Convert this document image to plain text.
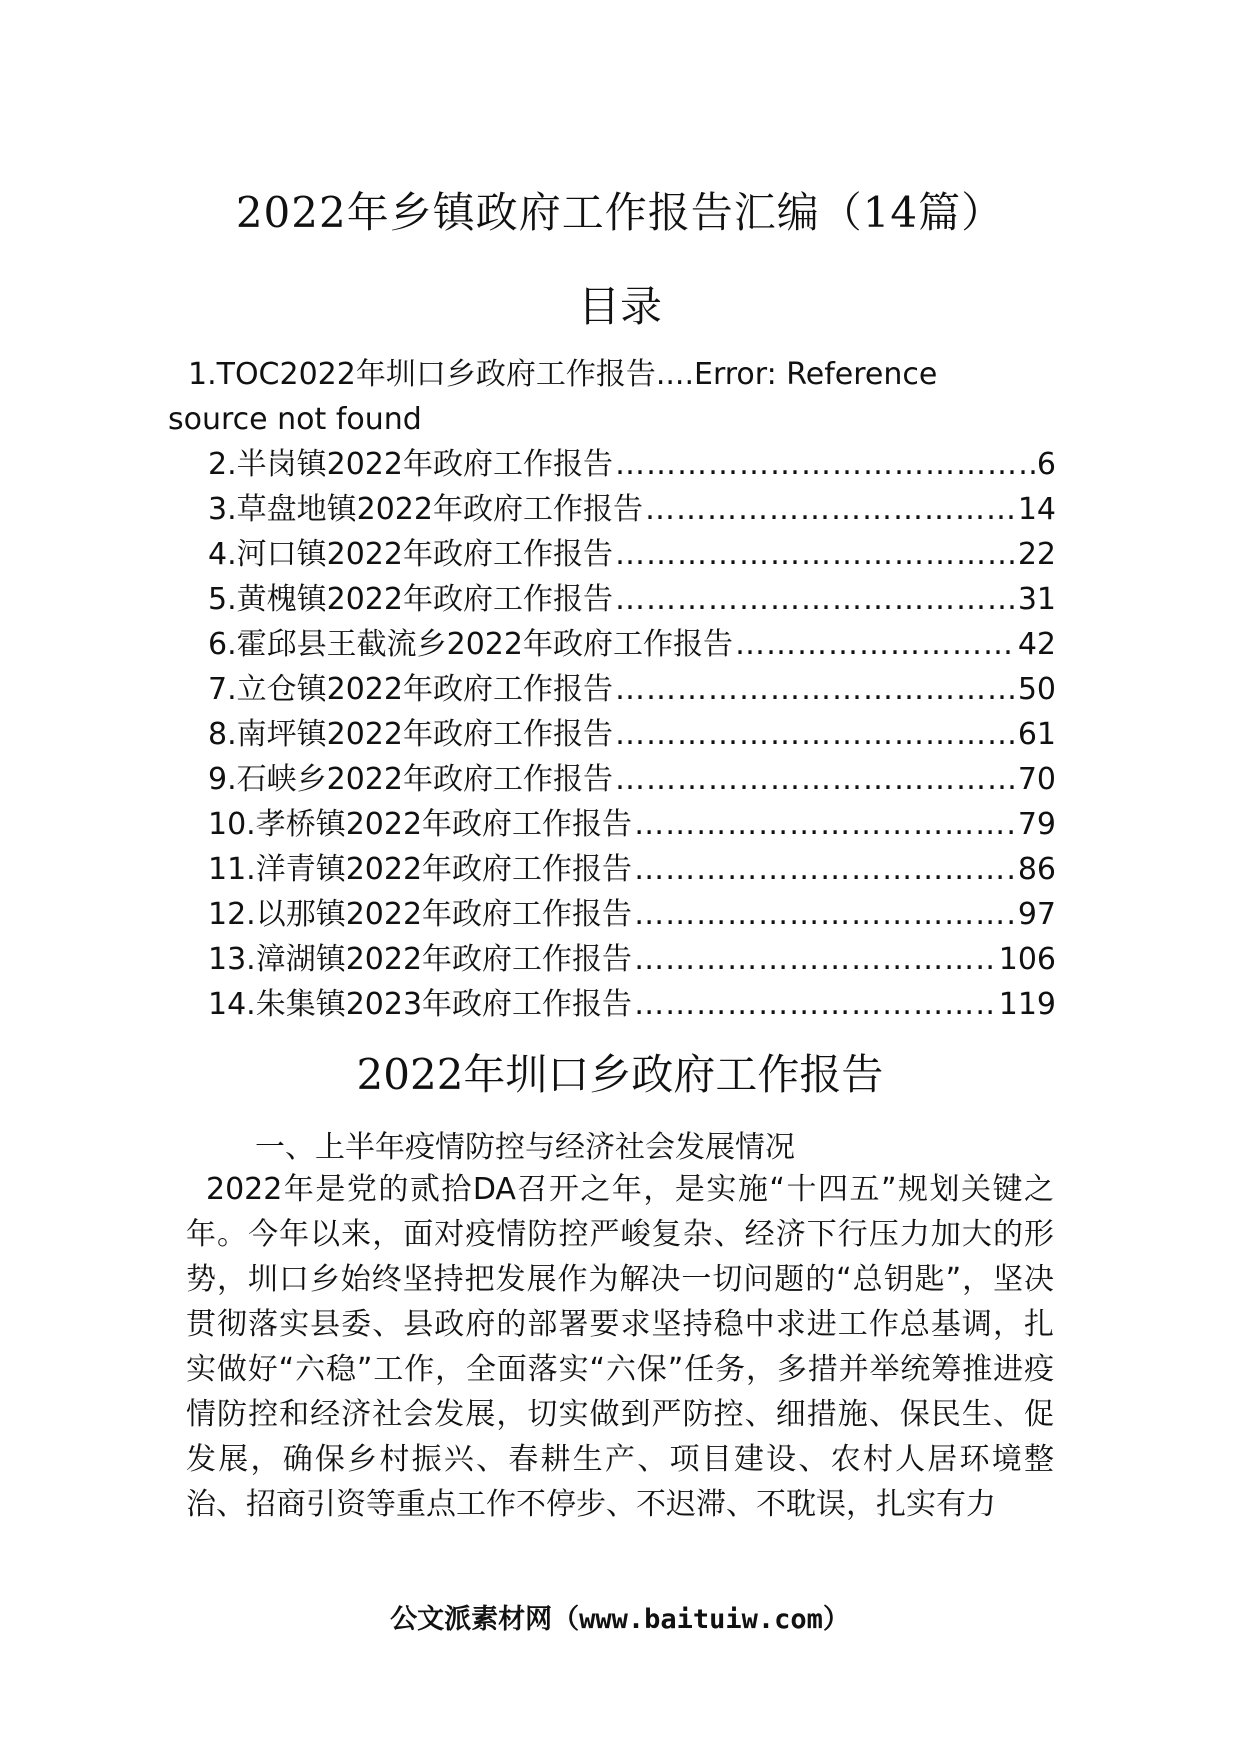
2022年乡镇政府工作报告汇编（14篇）
目录
1.TOC2022年圳口乡政府工作报告....Error: Reference
source not found
2.半岗镇2022年政府工作报告 ……………………………………………………………………………………………………………………………………………………	6
3.草盘地镇2022年政府工作报告 ……………………………………………………………………………………………………………………………………………………	14
4.河口镇2022年政府工作报告 ……………………………………………………………………………………………………………………………………………………	22
5.黄槐镇2022年政府工作报告 ……………………………………………………………………………………………………………………………………………………	31
6.霍邱县王截流乡2022年政府工作报告 ……………………………………………………………………………………………………………………………………………………	42
7.立仓镇2022年政府工作报告 ……………………………………………………………………………………………………………………………………………………	50
8.南坪镇2022年政府工作报告 ……………………………………………………………………………………………………………………………………………………	61
9.石峡乡2022年政府工作报告 ……………………………………………………………………………………………………………………………………………………	70
10.孝桥镇2022年政府工作报告 ……………………………………………………………………………………………………………………………………………………	79
11.洋青镇2022年政府工作报告 ……………………………………………………………………………………………………………………………………………………	86
12.以那镇2022年政府工作报告 ……………………………………………………………………………………………………………………………………………………	97
13.漳湖镇2022年政府工作报告 ……………………………………………………………………………………………………………………………………………………	106
14.朱集镇2023年政府工作报告 ……………………………………………………………………………………………………………………………………………………	119
2022年圳口乡政府工作报告
一、上半年疫情防控与经济社会发展情况
2022年是党的贰拾DA召开之年，是实施“十四五”规划关键之年。今年以来，面对疫情防控严峻复杂、经济下行压力加大的形势，圳口乡始终坚持把发展作为解决一切问题的“总钥匙”，坚决贯彻落实县委、县政府的部署要求坚持稳中求进工作总基调，扎实做好“六稳”工作，全面落实“六保”任务，多措并举统筹推进疫情防控和经济社会发展，切实做到严防控、细措施、保民生、促发展，确保乡村振兴、春耕生产、项目建设、农村人居环境整治、招商引资等重点工作不停步、不迟滞、不耽误，扎实有力
公文派素材网（www.baituiw.com）
